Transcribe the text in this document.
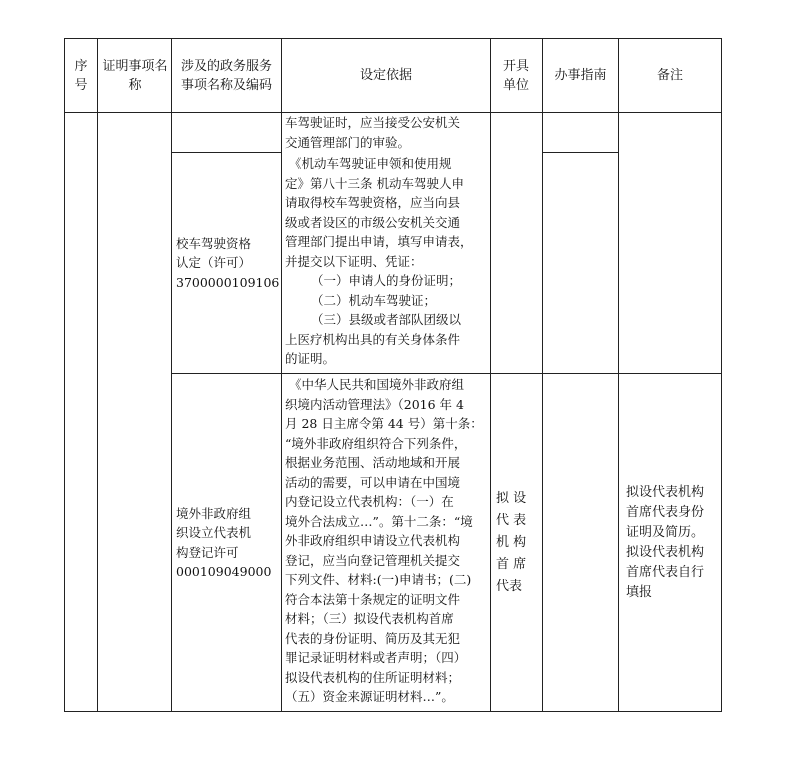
序号
证明事项名称
涉及的政务服务事项名称及编码
设定依据
开具单位
办事指南	备注
车驾驶证时，应当接受公安机关
交通管理部门的审验。
校车驾驶资格
认定（许可）
3700000109106
《机动车驾驶证申领和使用规
定》第八十三条 机动车驾驶人申
请取得校车驾驶资格，应当向县
级或者设区的市级公安机关交通
管理部门提出申请，填写申请表，
并提交以下证明、凭证：
（一）申请人的身份证明；
（二）机动车驾驶证；
（三）县级或者部队团级以
上医疗机构出具的有关身体条件
的证明。
境外非政府组
织设立代表机
构登记许可
000109049000
《中华人民共和国境外非政府组
织境内活动管理法》（2016 年 4
月 28 日主席令第 44 号）第十条：
“境外非政府组织符合下列条件，
根据业务范围、活动地域和开展
活动的需要，可以申请在中国境
内登记设立代表机构：（一）在
境外合法成立…”。第十二条：“境
外非政府组织申请设立代表机构
登记，应当向登记管理机关提交
下列文件、材料:(一)申请书；(二)
符合本法第十条规定的证明文件
材料；（三）拟设代表机构首席
代表的身份证明、简历及其无犯
罪记录证明材料或者声明；（四）
拟设代表机构的住所证明材料；
（五）资金来源证明材料…”。
拟 设
代 表
机 构
首 席
代表
拟设代表机构
首席代表身份
证明及简历。
拟设代表机构
首席代表自行
填报
